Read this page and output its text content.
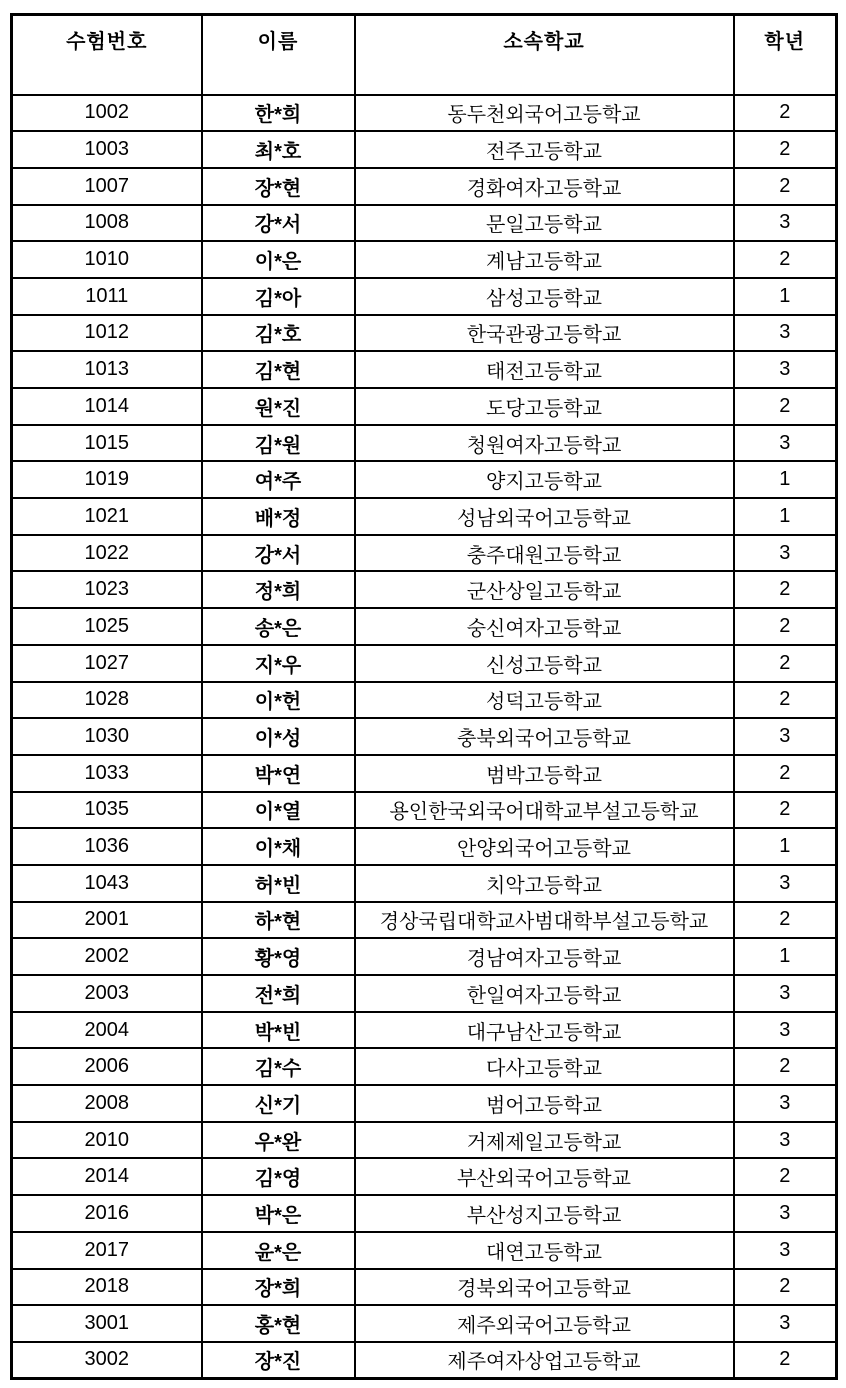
수험번호	이름	소속학교	학년
1002	한*희	동두천외국어고등학교	2
1003	최*호	전주고등학교	2
1007	장*현	경화여자고등학교	2
1008	강*서	문일고등학교	3
1010	이*은	계남고등학교	2
1011	김*아	삼성고등학교	1
1012	김*호	한국관광고등학교	3
1013	김*현	태전고등학교	3
1014	원*진	도당고등학교	2
1015	김*원	청원여자고등학교	3
1019	여*주	양지고등학교	1
1021	배*정	성남외국어고등학교	1
1022	강*서	충주대원고등학교	3
1023	정*희	군산상일고등학교	2
1025	송*은	숭신여자고등학교	2
1027	지*우	신성고등학교	2
1028	이*헌	성덕고등학교	2
1030	이*성	충북외국어고등학교	3
1033	박*연	범박고등학교	2
1035	이*열	용인한국외국어대학교부설고등학교	2
1036	이*채	안양외국어고등학교	1
1043	허*빈	치악고등학교	3
2001	하*현	경상국립대학교사범대학부설고등학교	2
2002	황*영	경남여자고등학교	1
2003	전*희	한일여자고등학교	3
2004	박*빈	대구남산고등학교	3
2006	김*수	다사고등학교	2
2008	신*기	범어고등학교	3
2010	우*완	거제제일고등학교	3
2014	김*영	부산외국어고등학교	2
2016	박*은	부산성지고등학교	3
2017	윤*은	대연고등학교	3
2018	장*희	경북외국어고등학교	2
3001	홍*현	제주외국어고등학교	3
3002	장*진	제주여자상업고등학교	2
